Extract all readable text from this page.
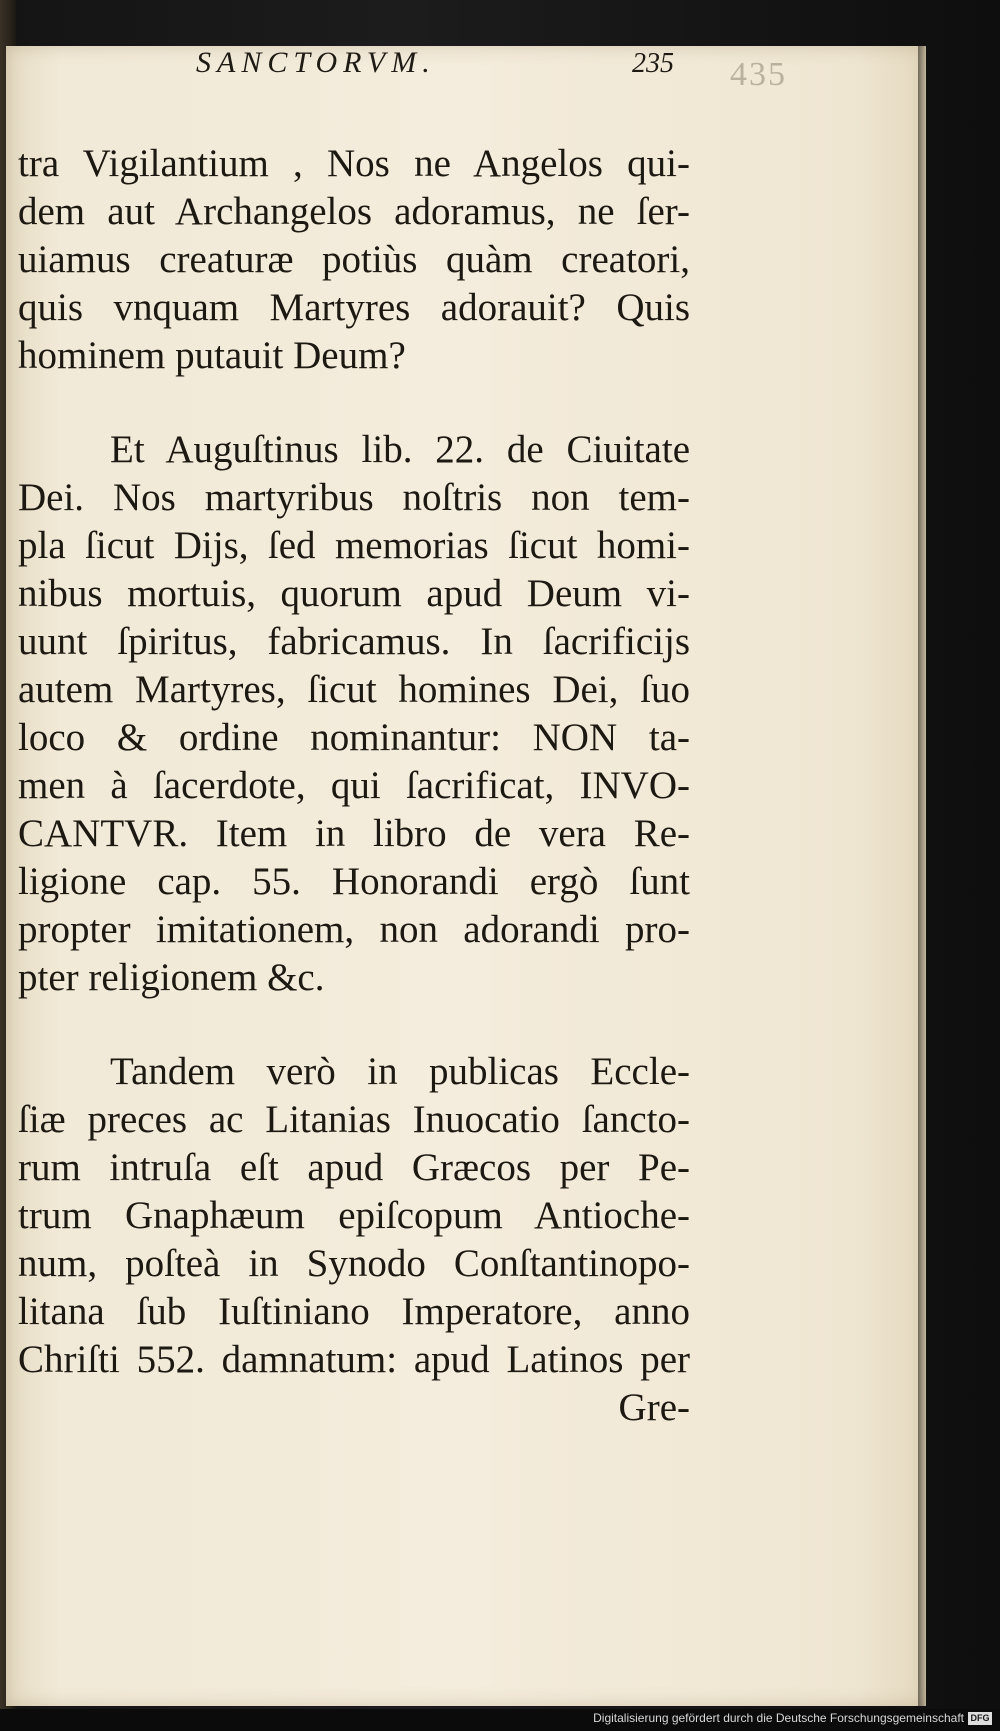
SANCTORVM.	235 435
tra Vigilantium , Nos ne Angelos qui-
dem aut Archangelos adoramus, ne ſer-
uiamus creaturæ potiùs quàm creatori,
quis vnquam Martyres adorauit? Quis
hominem putauit Deum?
Et Auguſtinus lib. 22. de Ciuitate
Dei. Nos martyribus noſtris non tem-
pla ſicut Dijs, ſed memorias ſicut homi-
nibus mortuis, quorum apud Deum vi-
uunt ſpiritus, fabricamus. In ſacrificijs
autem Martyres, ſicut homines Dei, ſuo
loco & ordine nominantur: NON ta-
men à ſacerdote, qui ſacrificat, INVO-
CANTVR. Item in libro de vera Re-
ligione cap. 55. Honorandi ergò ſunt
propter imitationem, non adorandi pro-
pter religionem &c.
Tandem verò in publicas Eccle-
ſiæ preces ac Litanias Inuocatio ſancto-
rum intruſa eſt apud Græcos per Pe-
trum Gnaphæum epiſcopum Antioche-
num, poſteà in Synodo Conſtantinopo-
litana ſub Iuſtiniano Imperatore, anno
Chriſti 552. damnatum: apud Latinos per
Gre-
Digitalisierung gefördert durch die Deutsche Forschungsgemeinschaft DFG
